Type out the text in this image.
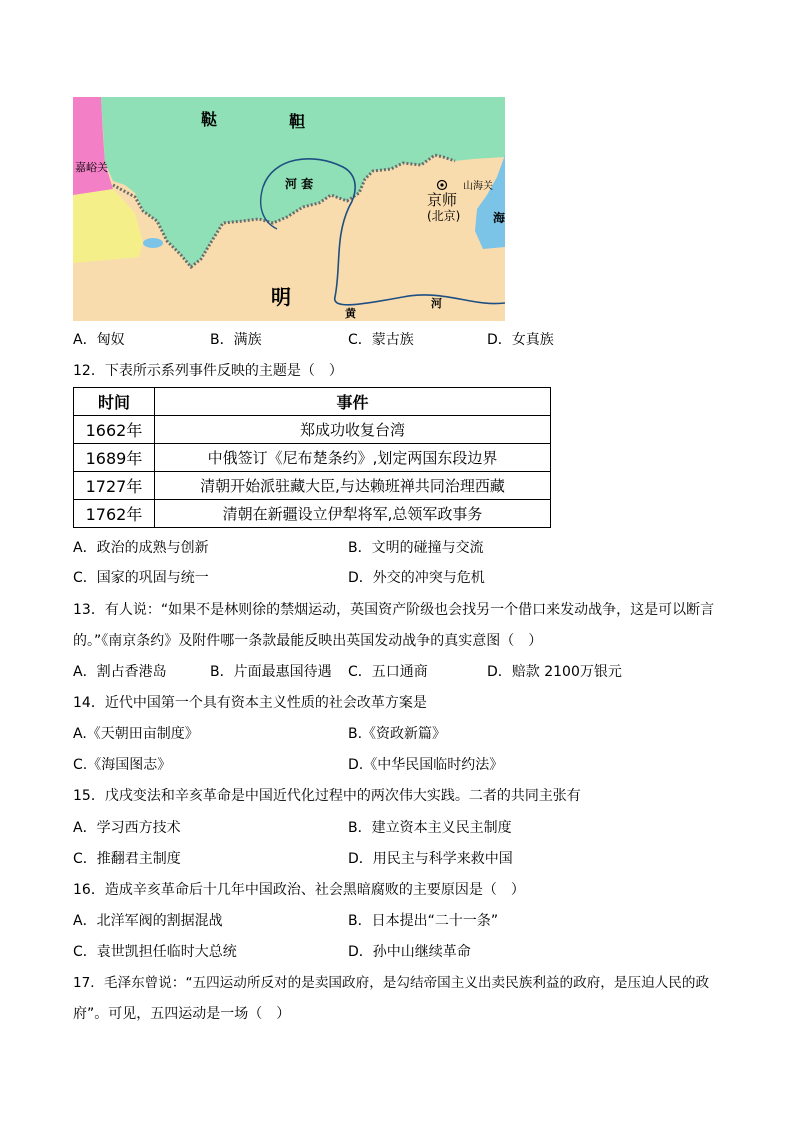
鞑	靼
嘉峪关
河 套
京师
(北京)
山海关
海
明
黄
河
A．匈奴	B．满族	C．蒙古族	D．女真族
12．下表所示系列事件反映的主题是（　）
时间	事件
1662年	郑成功收复台湾
1689年	中俄签订《尼布楚条约》,划定两国东段边界
1727年	清朝开始派驻藏大臣,与达赖班禅共同治理西藏
1762年	清朝在新疆设立伊犁将军,总领军政事务
A．政治的成熟与创新	B．文明的碰撞与交流
C．国家的巩固与统一	D．外交的冲突与危机
13．有人说：“如果不是林则徐的禁烟运动，英国资产阶级也会找另一个借口来发动战争，这是可以断言
的。”《南京条约》及附件哪一条款最能反映出英国发动战争的真实意图（　）
A．割占香港岛	B．片面最惠国待遇 C．五口通商	D．赔款 2100万银元
14．近代中国第一个具有资本主义性质的社会改革方案是
A.《天朝田亩制度》	B.《资政新篇》
C.《海国图志》	D.《中华民国临时约法》
15．戊戌变法和辛亥革命是中国近代化过程中的两次伟大实践。二者的共同主张有
A．学习西方技术	B．建立资本主义民主制度
C．推翻君主制度	D．用民主与科学来救中国
16．造成辛亥革命后十几年中国政治、社会黑暗腐败的主要原因是（　）
A．北洋军阀的割据混战	B．日本提出“二十一条”
C．袁世凯担任临时大总统	D．孙中山继续革命
17．毛泽东曾说：“五四运动所反对的是卖国政府，是勾结帝国主义出卖民族利益的政府，是压迫人民的政
府”。可见，五四运动是一场（　）
